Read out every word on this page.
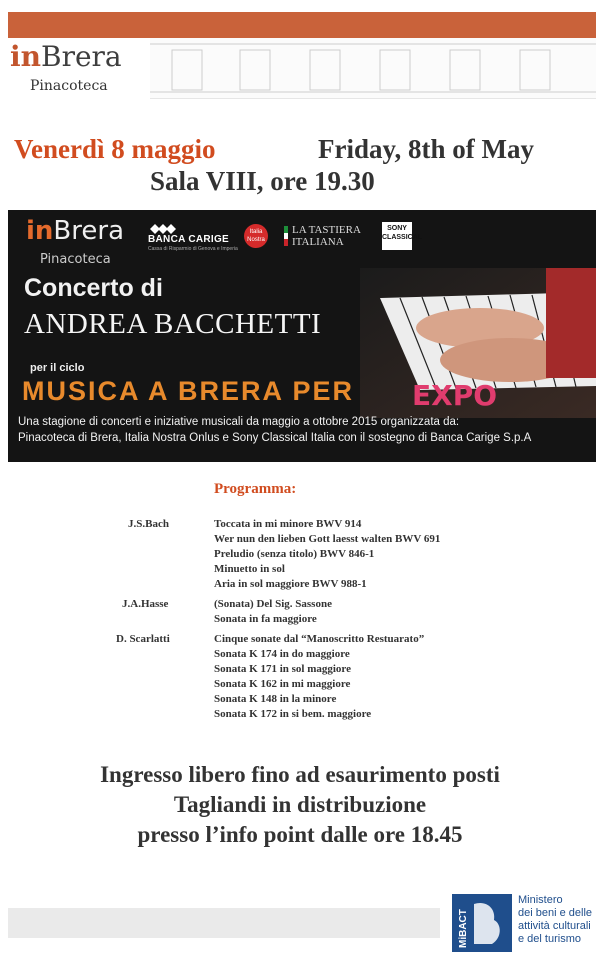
inBrera
Pinacoteca
Venerdì 8 maggio	Friday, 8th of May
Sala VIII, ore 19.30
inBrera
Pinacoteca
BANCA CARIGE
Cassa di Risparmio di Genova e Imperia
Italia Nostra
LA TASTIERA ITALIANA
SONY CLASSICAL
Concerto di
ANDREA BACCHETTI
per il ciclo
MUSICA A BRERA PER EXPO
Una stagione di concerti e iniziative musicali da maggio a ottobre 2015 organizzata da:
Pinacoteca di Brera, Italia Nostra Onlus e Sony Classical Italia con il sostegno di Banca Carige S.p.A
Programma:
J.S.Bach	Toccata in mi minore BWV 914
Wer nun den lieben Gott laesst walten BWV 691
Preludio (senza titolo) BWV 846-1
Minuetto in sol
Aria in sol maggiore BWV 988-1
J.A.Hasse	(Sonata) Del Sig. Sassone
Sonata in fa maggiore
D. Scarlatti	Cinque sonate dal “Manoscritto Restuarato”
Sonata K 174 in do maggiore
Sonata K 171 in sol maggiore
Sonata K 162 in mi maggiore
Sonata K 148 in la minore
Sonata K 172 in si bem. maggiore
Ingresso libero fino ad esaurimento posti
Tagliandi in distribuzione
presso l’info point dalle ore 18.45
MiBACT
Ministero
dei beni e delle
attività culturali
e del turismo
